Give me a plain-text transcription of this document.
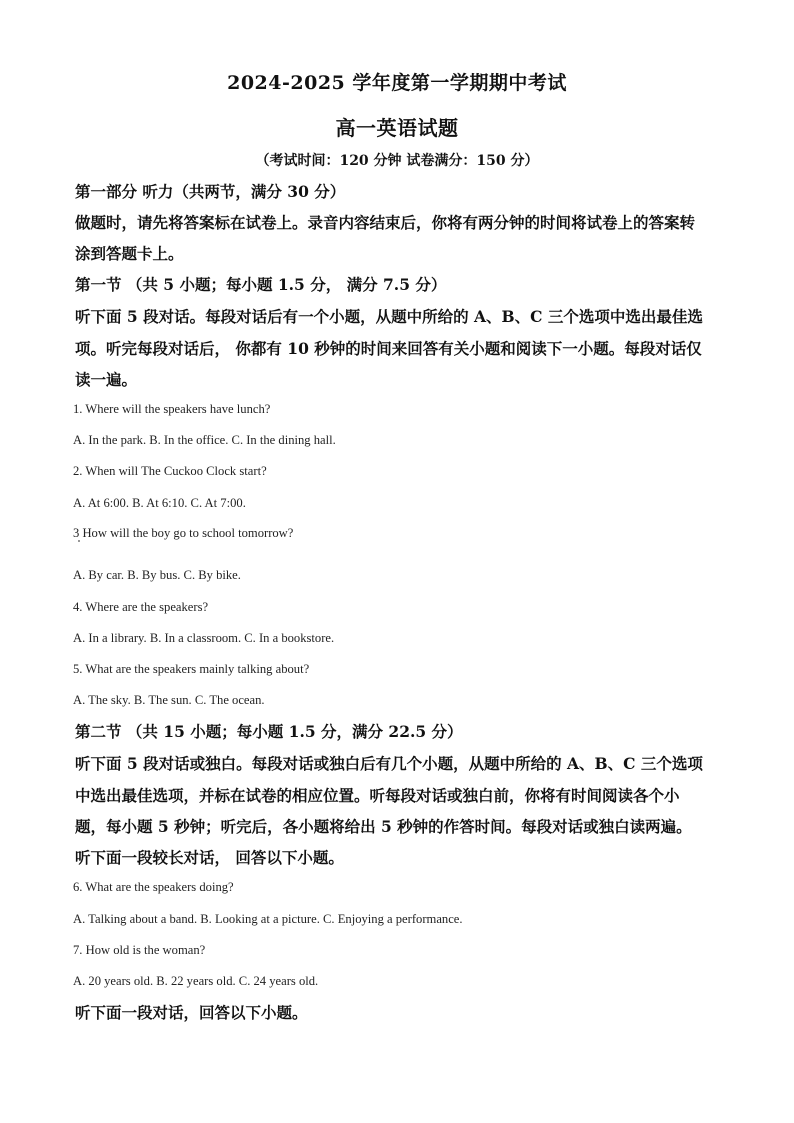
2024-2025 学年度第一学期期中考试
高一英语试题
（考试时间：120 分钟 试卷满分：150 分）
第一部分 听力（共两节，满分 30 分）
做题时，请先将答案标在试卷上。录音内容结束后，你将有两分钟的时间将试卷上的答案转
涂到答题卡上。
第一节 （共 5 小题；每小题 1.5 分， 满分 7.5 分）
听下面 5 段对话。每段对话后有一个小题，从题中所给的 A、B、C 三个选项中选出最佳选
项。听完每段对话后， 你都有 10 秒钟的时间来回答有关小题和阅读下一小题。每段对话仅
读一遍。
1. Where will the speakers have lunch?
A. In the park. B. In the office. C. In the dining hall.
2. When will The Cuckoo Clock start?
A. At 6:00. B. At 6:10. C. At 7:00.
3 How will the boy go to school tomorrow?
A. By car. B. By bus. C. By bike.
4. Where are the speakers?
A. In a library. B. In a classroom. C. In a bookstore.
5. What are the speakers mainly talking about?
A. The sky. B. The sun. C. The ocean.
第二节 （共 15 小题；每小题 1.5 分，满分 22.5 分）
听下面 5 段对话或独白。每段对话或独白后有几个小题，从题中所给的 A、B、C 三个选项
中选出最佳选项，并标在试卷的相应位置。听每段对话或独白前，你将有时间阅读各个小
题，每小题 5 秒钟；听完后，各小题将给出 5 秒钟的作答时间。每段对话或独白读两遍。
听下面一段较长对话， 回答以下小题。
6. What are the speakers doing?
A. Talking about a band. B. Looking at a picture. C. Enjoying a performance.
7. How old is the woman?
A. 20 years old. B. 22 years old. C. 24 years old.
听下面一段对话，回答以下小题。
